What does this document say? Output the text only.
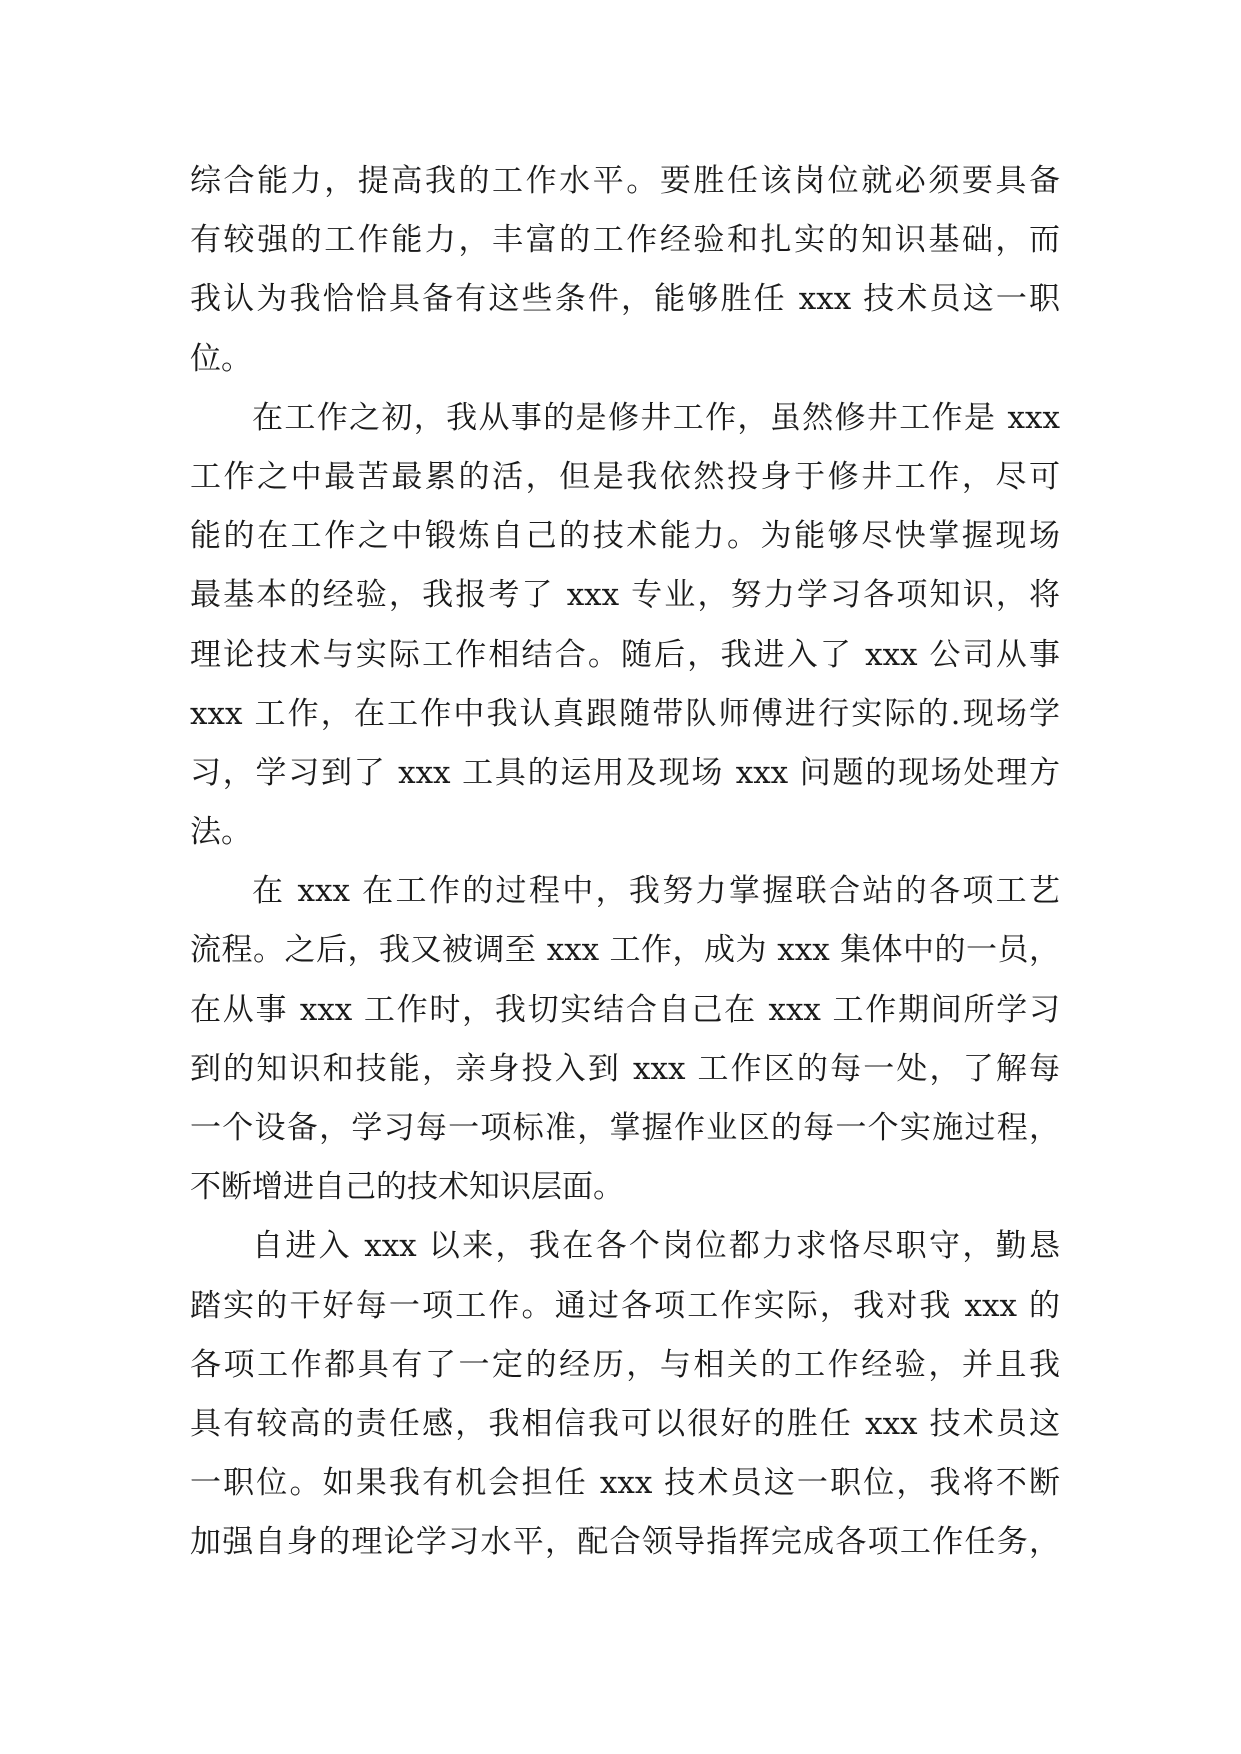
综合能力，提高我的工作水平。要胜任该岗位就必须要具备
有较强的工作能力，丰富的工作经验和扎实的知识基础，而
我认为我恰恰具备有这些条件，能够胜任 xxx 技术员这一职
位。
在工作之初，我从事的是修井工作，虽然修井工作是 xxx
工作之中最苦最累的活，但是我依然投身于修井工作，尽可
能的在工作之中锻炼自己的技术能力。为能够尽快掌握现场
最基本的经验，我报考了 xxx 专业，努力学习各项知识，将
理论技术与实际工作相结合。随后，我进入了 xxx 公司从事
xxx 工作，在工作中我认真跟随带队师傅进行实际的.现场学
习，学习到了 xxx 工具的运用及现场 xxx 问题的现场处理方
法。
在 xxx 在工作的过程中，我努力掌握联合站的各项工艺
流程。之后，我又被调至 xxx 工作，成为 xxx 集体中的一员，
在从事 xxx 工作时，我切实结合自己在 xxx 工作期间所学习
到的知识和技能，亲身投入到 xxx 工作区的每一处，了解每
一个设备，学习每一项标准，掌握作业区的每一个实施过程，
不断增进自己的技术知识层面。
自进入 xxx 以来，我在各个岗位都力求恪尽职守，勤恳
踏实的干好每一项工作。通过各项工作实际，我对我 xxx 的
各项工作都具有了一定的经历，与相关的工作经验，并且我
具有较高的责任感，我相信我可以很好的胜任 xxx 技术员这
一职位。如果我有机会担任 xxx 技术员这一职位，我将不断
加强自身的理论学习水平，配合领导指挥完成各项工作任务，
